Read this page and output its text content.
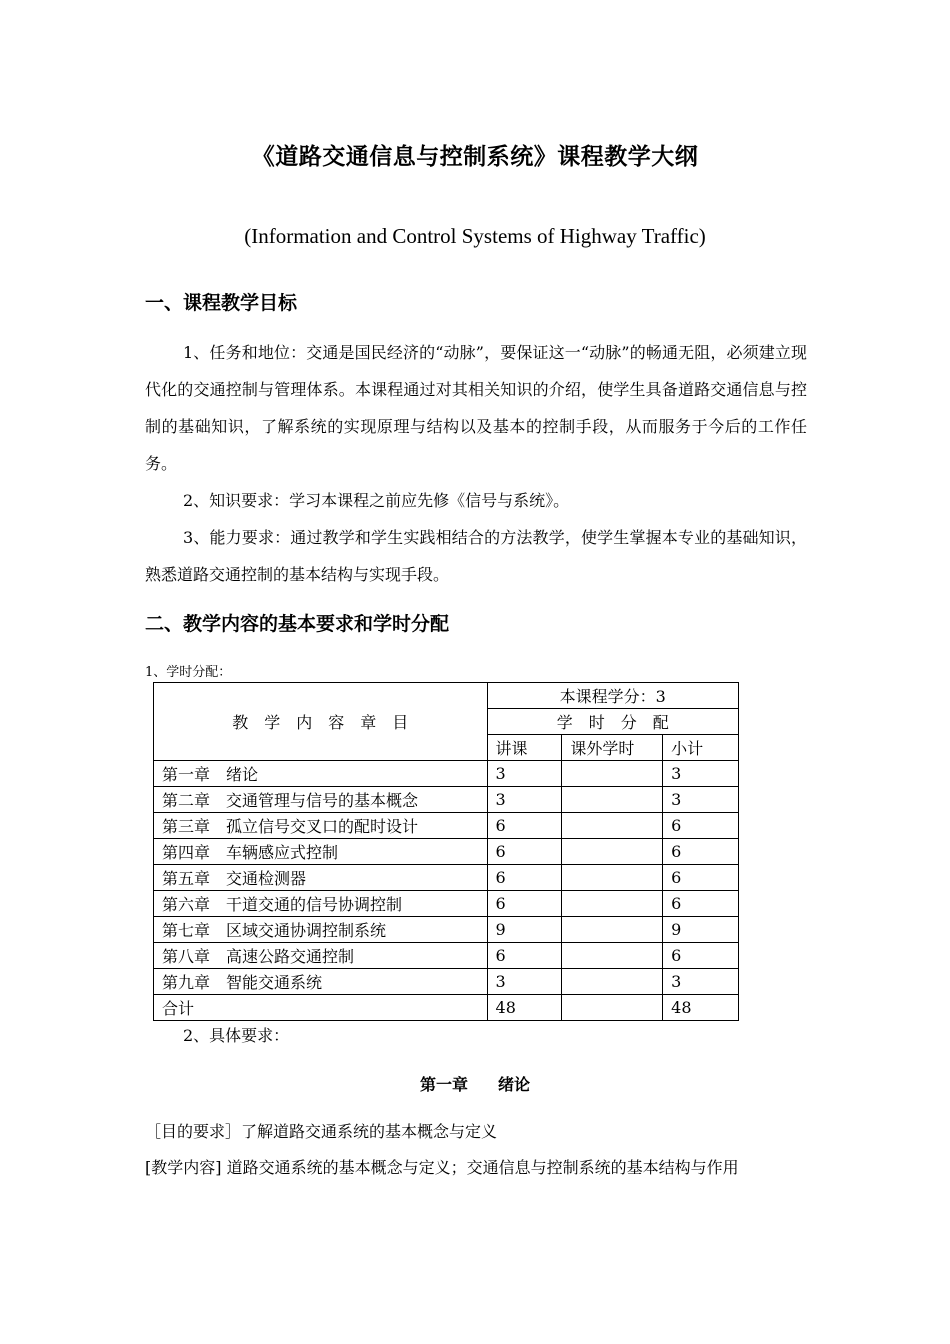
《道路交通信息与控制系统》课程教学大纲
(Information and Control Systems of Highway Traffic)
一、课程教学目标
1、任务和地位：交通是国民经济的“动脉”，要保证这一“动脉”的畅通无阻，必须建立现代化的交通控制与管理体系。本课程通过对其相关知识的介绍，使学生具备道路交通信息与控制的基础知识，了解系统的实现原理与结构以及基本的控制手段，从而服务于今后的工作任务。
2、知识要求：学习本课程之前应先修《信号与系统》。
3、能力要求：通过教学和学生实践相结合的方法教学，使学生掌握本专业的基础知识，熟悉道路交通控制的基本结构与实现手段。
二、教学内容的基本要求和学时分配
1、学时分配：
教　学　内　容　章　目	本课程学分：3		
	学　时　分　配		
	讲课	课外学时	小计
第一章　绪论	3		3
第二章　交通管理与信号的基本概念	3		3
第三章　孤立信号交叉口的配时设计	6		6
第四章　车辆感应式控制	6		6
第五章　交通检测器	6		6
第六章　干道交通的信号协调控制	6		6
第七章　区域交通协调控制系统	9		9
第八章　高速公路交通控制	6		6
第九章　智能交通系统	3		3
合计	48		48
2、具体要求：
第一章 绪论
［目的要求］了解道路交通系统的基本概念与定义
[教学内容] 道路交通系统的基本概念与定义；交通信息与控制系统的基本结构与作用
